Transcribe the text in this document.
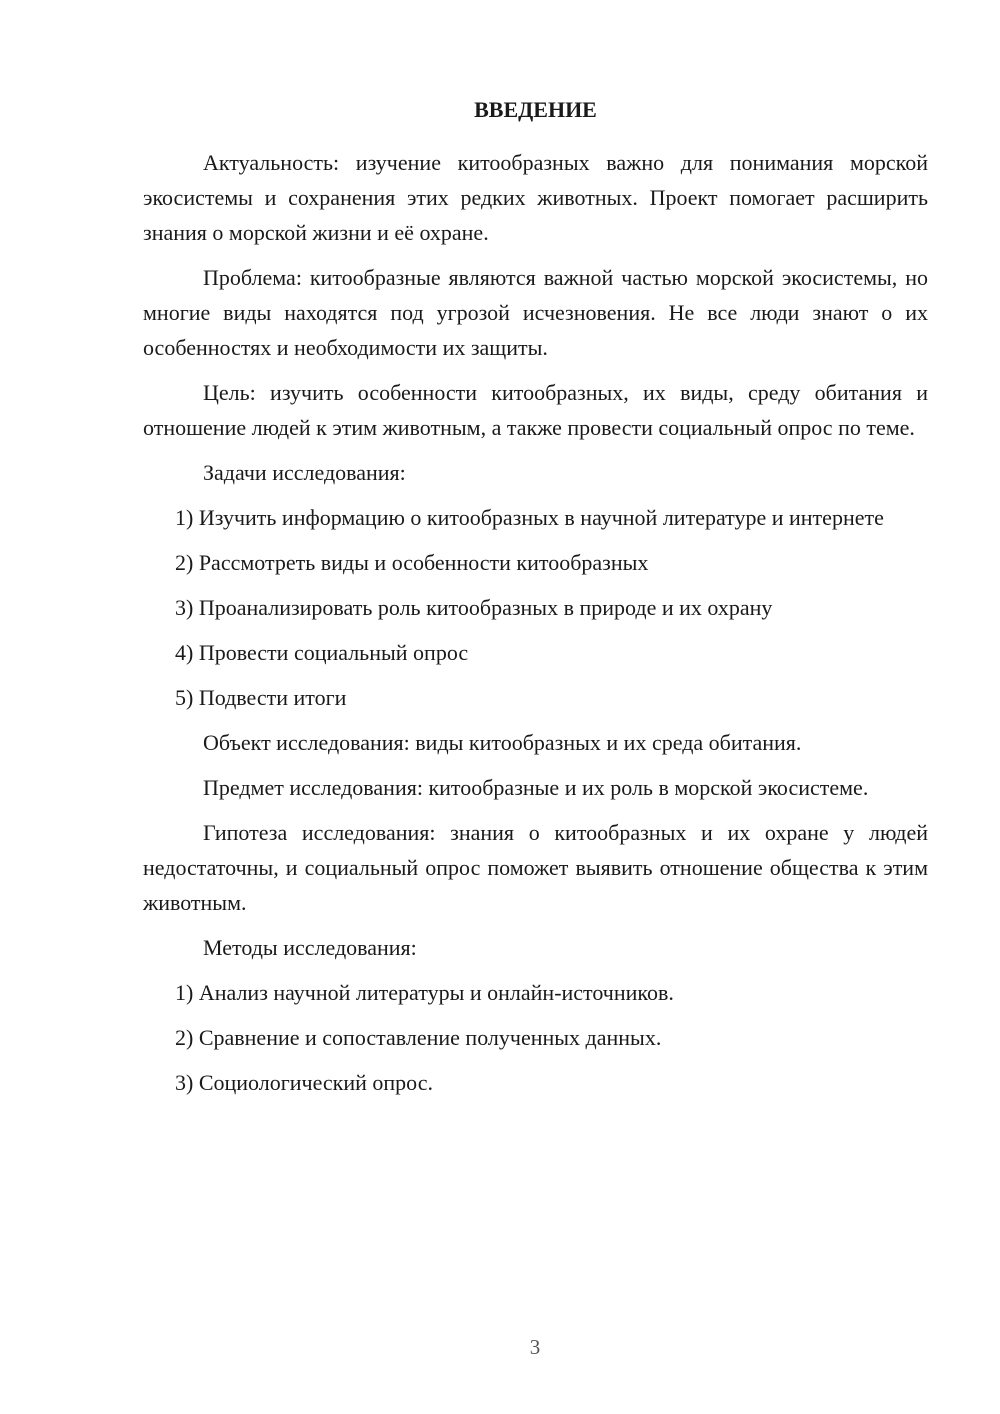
ВВЕДЕНИЕ
Актуальность: изучение китообразных важно для понимания морской экосистемы и сохранения этих редких животных. Проект помогает расширить знания о морской жизни и её охране.
Проблема: китообразные являются важной частью морской экосистемы, но многие виды находятся под угрозой исчезновения. Не все люди знают о их особенностях и необходимости их защиты.
Цель: изучить особенности китообразных, их виды, среду обитания и отношение людей к этим животным, а также провести социальный опрос по теме.
Задачи исследования:
1) Изучить информацию о китообразных в научной литературе и интернете
2) Рассмотреть виды и особенности китообразных
3) Проанализировать роль китообразных в природе и их охрану
4) Провести социальный опрос
5) Подвести итоги
Объект исследования: виды китообразных и их среда обитания.
Предмет исследования: китообразные и их роль в морской экосистеме.
Гипотеза исследования: знания о китообразных и их охране у людей недостаточны, и социальный опрос поможет выявить отношение общества к этим животным.
Методы исследования:
1) Анализ научной литературы и онлайн-источников.
2) Сравнение и сопоставление полученных данных.
3) Социологический опрос.
3
